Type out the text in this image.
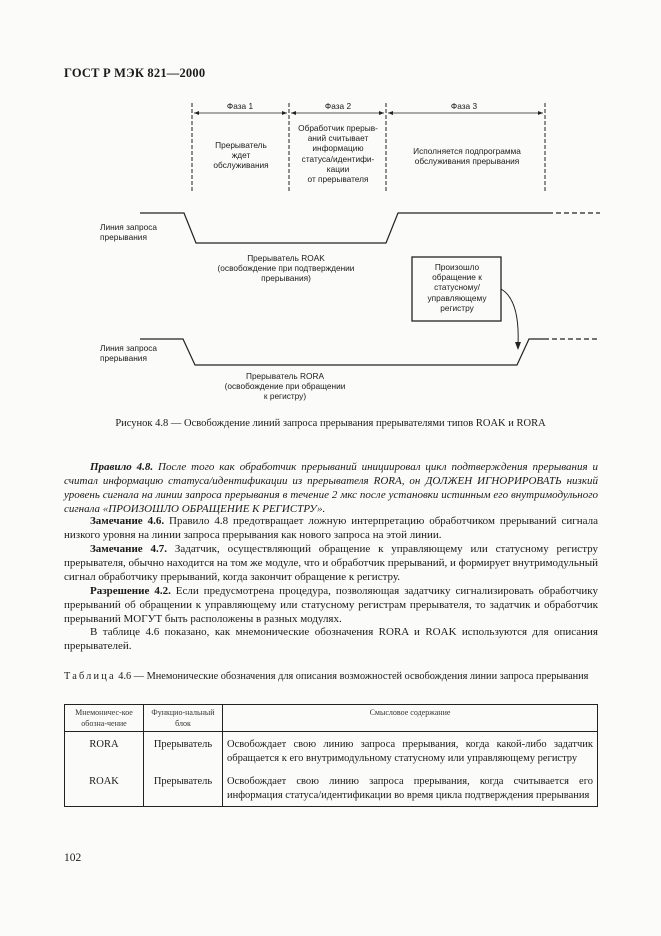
ГОСТ Р МЭК 821—2000
Фаза 1	Фаза 2	Фаза 3
Прерыватель
ждет
обслуживания
Обработчик прерыв-
аний считывает
информацию
статуса/идентифи-
кации
от прерывателя
Исполняется подпрограмма
обслуживания прерывания
Линия запроса
прерывания
Прерыватель ROAK
(освобождение при подтверждении
прерывания)
Произошло
обращение к
статусному/
управляющему
регистру
Линия запроса
прерывания
Прерыватель RORA
(освобождение при обращении
к регистру)
Рисунок 4.8 — Освобождение линий запроса прерывания прерывателями типов ROAK и RORA
Правило 4.8. После того как обработчик прерываний инициировал цикл подтверждения прерывания и считал информацию статуса/идентификации из прерывателя RORA, он ДОЛЖЕН ИГНОРИРОВАТЬ низкий уровень сигнала на линии запроса прерывания в течение 2 мкс после установки истинным его внутримодульного сигнала «ПРОИЗОШЛО ОБРАЩЕНИЕ К РЕГИСТРУ».
Замечание 4.6. Правило 4.8 предотвращает ложную интерпретацию обработчиком прерываний сигнала низкого уровня на линии запроса прерывания как нового запроса на этой линии.
Замечание 4.7. Задатчик, осуществляющий обращение к управляющему или статусному регистру прерывателя, обычно находится на том же модуле, что и обработчик прерываний, и формирует внутримодульный сигнал обработчику прерываний, когда закончит обращение к регистру.
Разрешение 4.2. Если предусмотрена процедура, позволяющая задатчику сигнализировать обработчику прерываний об обращении к управляющему или статусному регистрам прерывателя, то задатчик и обработчик прерываний МОГУТ быть расположены в разных модулях.
В таблице 4.6 показано, как мнемонические обозначения RORA и ROAK используются для описания прерывателей.
Таблица 4.6 — Мнемонические обозначения для описания возможностей освобождения линии запроса прерывания
Мнемоничес-кое обозна-чение	Функцио-нальный блок	Смысловое содержание
RORA	Прерыватель	Освобождает свою линию запроса прерывания, когда какой-либо задатчик обращается к его внутримодульному статусному или управляющему регистру
ROAK	Прерыватель	Освобождает свою линию запроса прерывания, когда считывается его информация статуса/идентификации во время цикла подтверждения прерывания
102
